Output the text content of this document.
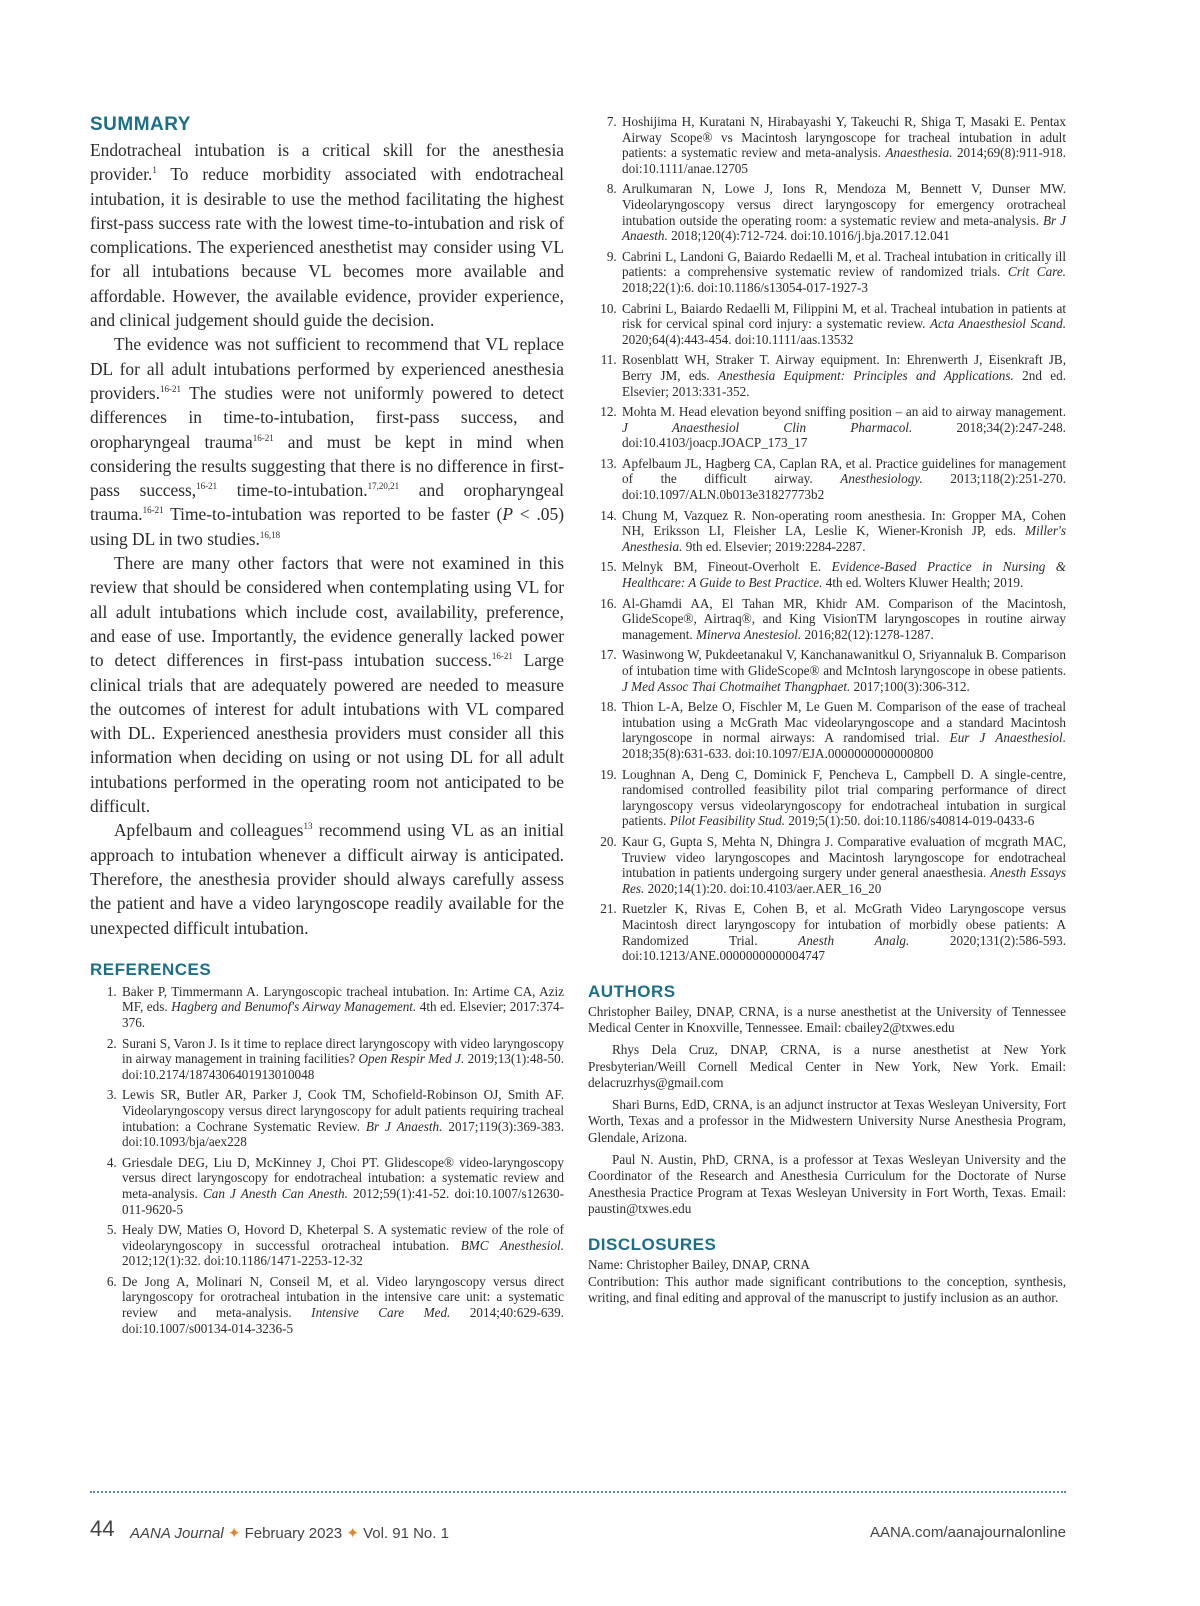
SUMMARY

Endotracheal intubation is a critical skill for the anesthesia provider.$^1$ To reduce morbidity associated with endotracheal intubation, it is desirable to use the method facilitating the highest first-pass success rate with the lowest time-to-intubation and risk of complications. The experienced anesthetist may consider using VL for all intubations because VL becomes more available and affordable. However, the available evidence, provider experience, and clinical judgement should guide the decision.

The evidence was not sufficient to recommend that VL replace DL for all adult intubations performed by experienced anesthesia providers.$^{16-21}$ The studies were not uniformly powered to detect differences in time-to-intubation, first-pass success, and oropharyngeal trauma$^{16-21}$ and must be kept in mind when considering the results suggesting that there is no difference in first-pass success,$^{16-21}$ time-to-intubation.$^{17,20,21}$ and oropharyngeal trauma.$^{16-21}$ Time-to-intubation was reported to be faster (P < .05) using DL in two studies.$^{16,18}$

There are many other factors that were not examined in this review that should be considered when contemplating using VL for all adult intubations which include cost, availability, preference, and ease of use. Importantly, the evidence generally lacked power to detect differences in first-pass intubation success.$^{16-21}$ Large clinical trials that are adequately powered are needed to measure the outcomes of interest for adult intubations with VL compared with DL. Experienced anesthesia providers must consider all this information when deciding on using or not using DL for all adult intubations performed in the operating room not anticipated to be difficult.

Apfelbaum and colleagues$^{13}$ recommend using VL as an initial approach to intubation whenever a difficult airway is anticipated. Therefore, the anesthesia provider should always carefully assess the patient and have a video laryngoscope readily available for the unexpected difficult intubation.

REFERENCES
1. Baker P, Timmermann A. Laryngoscopic tracheal intubation. In: Artime CA, Aziz MF, eds. Hagberg and Benumof's Airway Management. 4th ed. Elsevier; 2017:374-376.
2. Surani S, Varon J. Is it time to replace direct laryngoscopy with video laryngoscopy in airway management in training facilities? Open Respir Med J. 2019;13(1):48-50. doi:10.2174/1874306401913010048
3. Lewis SR, Butler AR, Parker J, Cook TM, Schofield-Robinson OJ, Smith AF. Videolaryngoscopy versus direct laryngoscopy for adult patients requiring tracheal intubation: a Cochrane Systematic Review. Br J Anaesth. 2017;119(3):369-383. doi:10.1093/bja/aex228
4. Griesdale DEG, Liu D, McKinney J, Choi PT. Glidescope® video-laryngoscopy versus direct laryngoscopy for endotracheal intubation: a systematic review and meta-analysis. Can J Anesth Can Anesth. 2012;59(1):41-52. doi:10.1007/s12630-011-9620-5
5. Healy DW, Maties O, Hovord D, Kheterpal S. A systematic review of the role of videolaryngoscopy in successful orotracheal intubation. BMC Anesthesiol. 2012;12(1):32. doi:10.1186/1471-2253-12-32
6. De Jong A, Molinari N, Conseil M, et al. Video laryngoscopy versus direct laryngoscopy for orotracheal intubation in the intensive care unit: a systematic review and meta-analysis. Intensive Care Med. 2014;40:629-639. doi:10.1007/s00134-014-3236-5
7. Hoshijima H, Kuratani N, Hirabayashi Y, Takeuchi R, Shiga T, Masaki E. Pentax Airway Scope® vs Macintosh laryngoscope for tracheal intubation in adult patients: a systematic review and meta-analysis. Anaesthesia. 2014;69(8):911-918. doi:10.1111/anae.12705
8. Arulkumaran N, Lowe J, Ions R, Mendoza M, Bennett V, Dunser MW. Videolaryngoscopy versus direct laryngoscopy for emergency orotracheal intubation outside the operating room: a systematic review and meta-analysis. Br J Anaesth. 2018;120(4):712-724. doi:10.1016/j.bja.2017.12.041
9. Cabrini L, Landoni G, Baiardo Redaelli M, et al. Tracheal intubation in critically ill patients: a comprehensive systematic review of randomized trials. Crit Care. 2018;22(1):6. doi:10.1186/s13054-017-1927-3
10. Cabrini L, Baiardo Redaelli M, Filippini M, et al. Tracheal intubation in patients at risk for cervical spinal cord injury: a systematic review. Acta Anaesthesiol Scand. 2020;64(4):443-454. doi:10.1111/aas.13532
11. Rosenblatt WH, Straker T. Airway equipment. In: Ehrenwerth J, Eisenkraft JB, Berry JM, eds. Anesthesia Equipment: Principles and Applications. 2nd ed. Elsevier; 2013:331-352.
12. Mohta M. Head elevation beyond sniffing position – an aid to airway management. J Anaesthesiol Clin Pharmacol. 2018;34(2):247-248. doi:10.4103/joacp.JOACP_173_17
13. Apfelbaum JL, Hagberg CA, Caplan RA, et al. Practice guidelines for management of the difficult airway. Anesthesiology. 2013;118(2):251-270. doi:10.1097/ALN.0b013e31827773b2
14. Chung M, Vazquez R. Non-operating room anesthesia. In: Gropper MA, Cohen NH, Eriksson LI, Fleisher LA, Leslie K, Wiener-Kronish JP, eds. Miller's Anesthesia. 9th ed. Elsevier; 2019:2284-2287.
15. Melnyk BM, Fineout-Overholt E. Evidence-Based Practice in Nursing & Healthcare: A Guide to Best Practice. 4th ed. Wolters Kluwer Health; 2019.
16. Al-Ghamdi AA, El Tahan MR, Khidr AM. Comparison of the Macintosh, GlideScope®, Airtraq®, and King VisionTM laryngoscopes in routine airway management. Minerva Anestesiol. 2016;82(12):1278-1287.
17. Wasinwong W, Pukdeetanakul V, Kanchanawanitkul O, Sriyannaluk B. Comparison of intubation time with GlideScope® and McIntosh laryngoscope in obese patients. J Med Assoc Thai Chotmaihet Thangphaet. 2017;100(3):306-312.
18. Thion L-A, Belze O, Fischler M, Le Guen M. Comparison of the ease of tracheal intubation using a McGrath Mac videolaryngoscope and a standard Macintosh laryngoscope in normal airways: A randomised trial. Eur J Anaesthesiol. 2018;35(8):631-633. doi:10.1097/EJA.0000000000000800
19. Loughnan A, Deng C, Dominick F, Pencheva L, Campbell D. A single-centre, randomised controlled feasibility pilot trial comparing performance of direct laryngoscopy versus videolaryngoscopy for endotracheal intubation in surgical patients. Pilot Feasibility Stud. 2019;5(1):50. doi:10.1186/s40814-019-0433-6
20. Kaur G, Gupta S, Mehta N, Dhingra J. Comparative evaluation of mcgrath MAC, Truview video laryngoscopes and Macintosh laryngoscope for endotracheal intubation in patients undergoing surgery under general anaesthesia. Anesth Essays Res. 2020;14(1):20. doi:10.4103/aer.AER_16_20
21. Ruetzler K, Rivas E, Cohen B, et al. McGrath Video Laryngoscope versus Macintosh direct laryngoscopy for intubation of morbidly obese patients: A Randomized Trial. Anesth Analg. 2020;131(2):586-593. doi:10.1213/ANE.0000000000004747
AUTHORS

Christopher Bailey, DNAP, CRNA, is a nurse anesthetist at the University of Tennessee Medical Center in Knoxville, Tennessee. Email: cbailey2@txwes.edu

Rhys Dela Cruz, DNAP, CRNA, is a nurse anesthetist at New York Presbyterian/Weill Cornell Medical Center in New York, New York. Email: delacruzrhys@gmail.com

Shari Burns, EdD, CRNA, is an adjunct instructor at Texas Wesleyan University, Fort Worth, Texas and a professor in the Midwestern University Nurse Anesthesia Program, Glendale, Arizona.

Paul N. Austin, PhD, CRNA, is a professor at Texas Wesleyan University and the Coordinator of the Research and Anesthesia Curriculum for the Doctorate of Nurse Anesthesia Practice Program at Texas Wesleyan University in Fort Worth, Texas. Email: paustin@txwes.edu

DISCLOSURES

Name: Christopher Bailey, DNAP, CRNA

Contribution: This author made significant contributions to the conception, synthesis, writing, and final editing and approval of the manuscript to justify inclusion as an author.

44 AANA Journal ✦ February 2023 ✦ Vol. 91 No. 1	AANA.com/aanajournalonline
